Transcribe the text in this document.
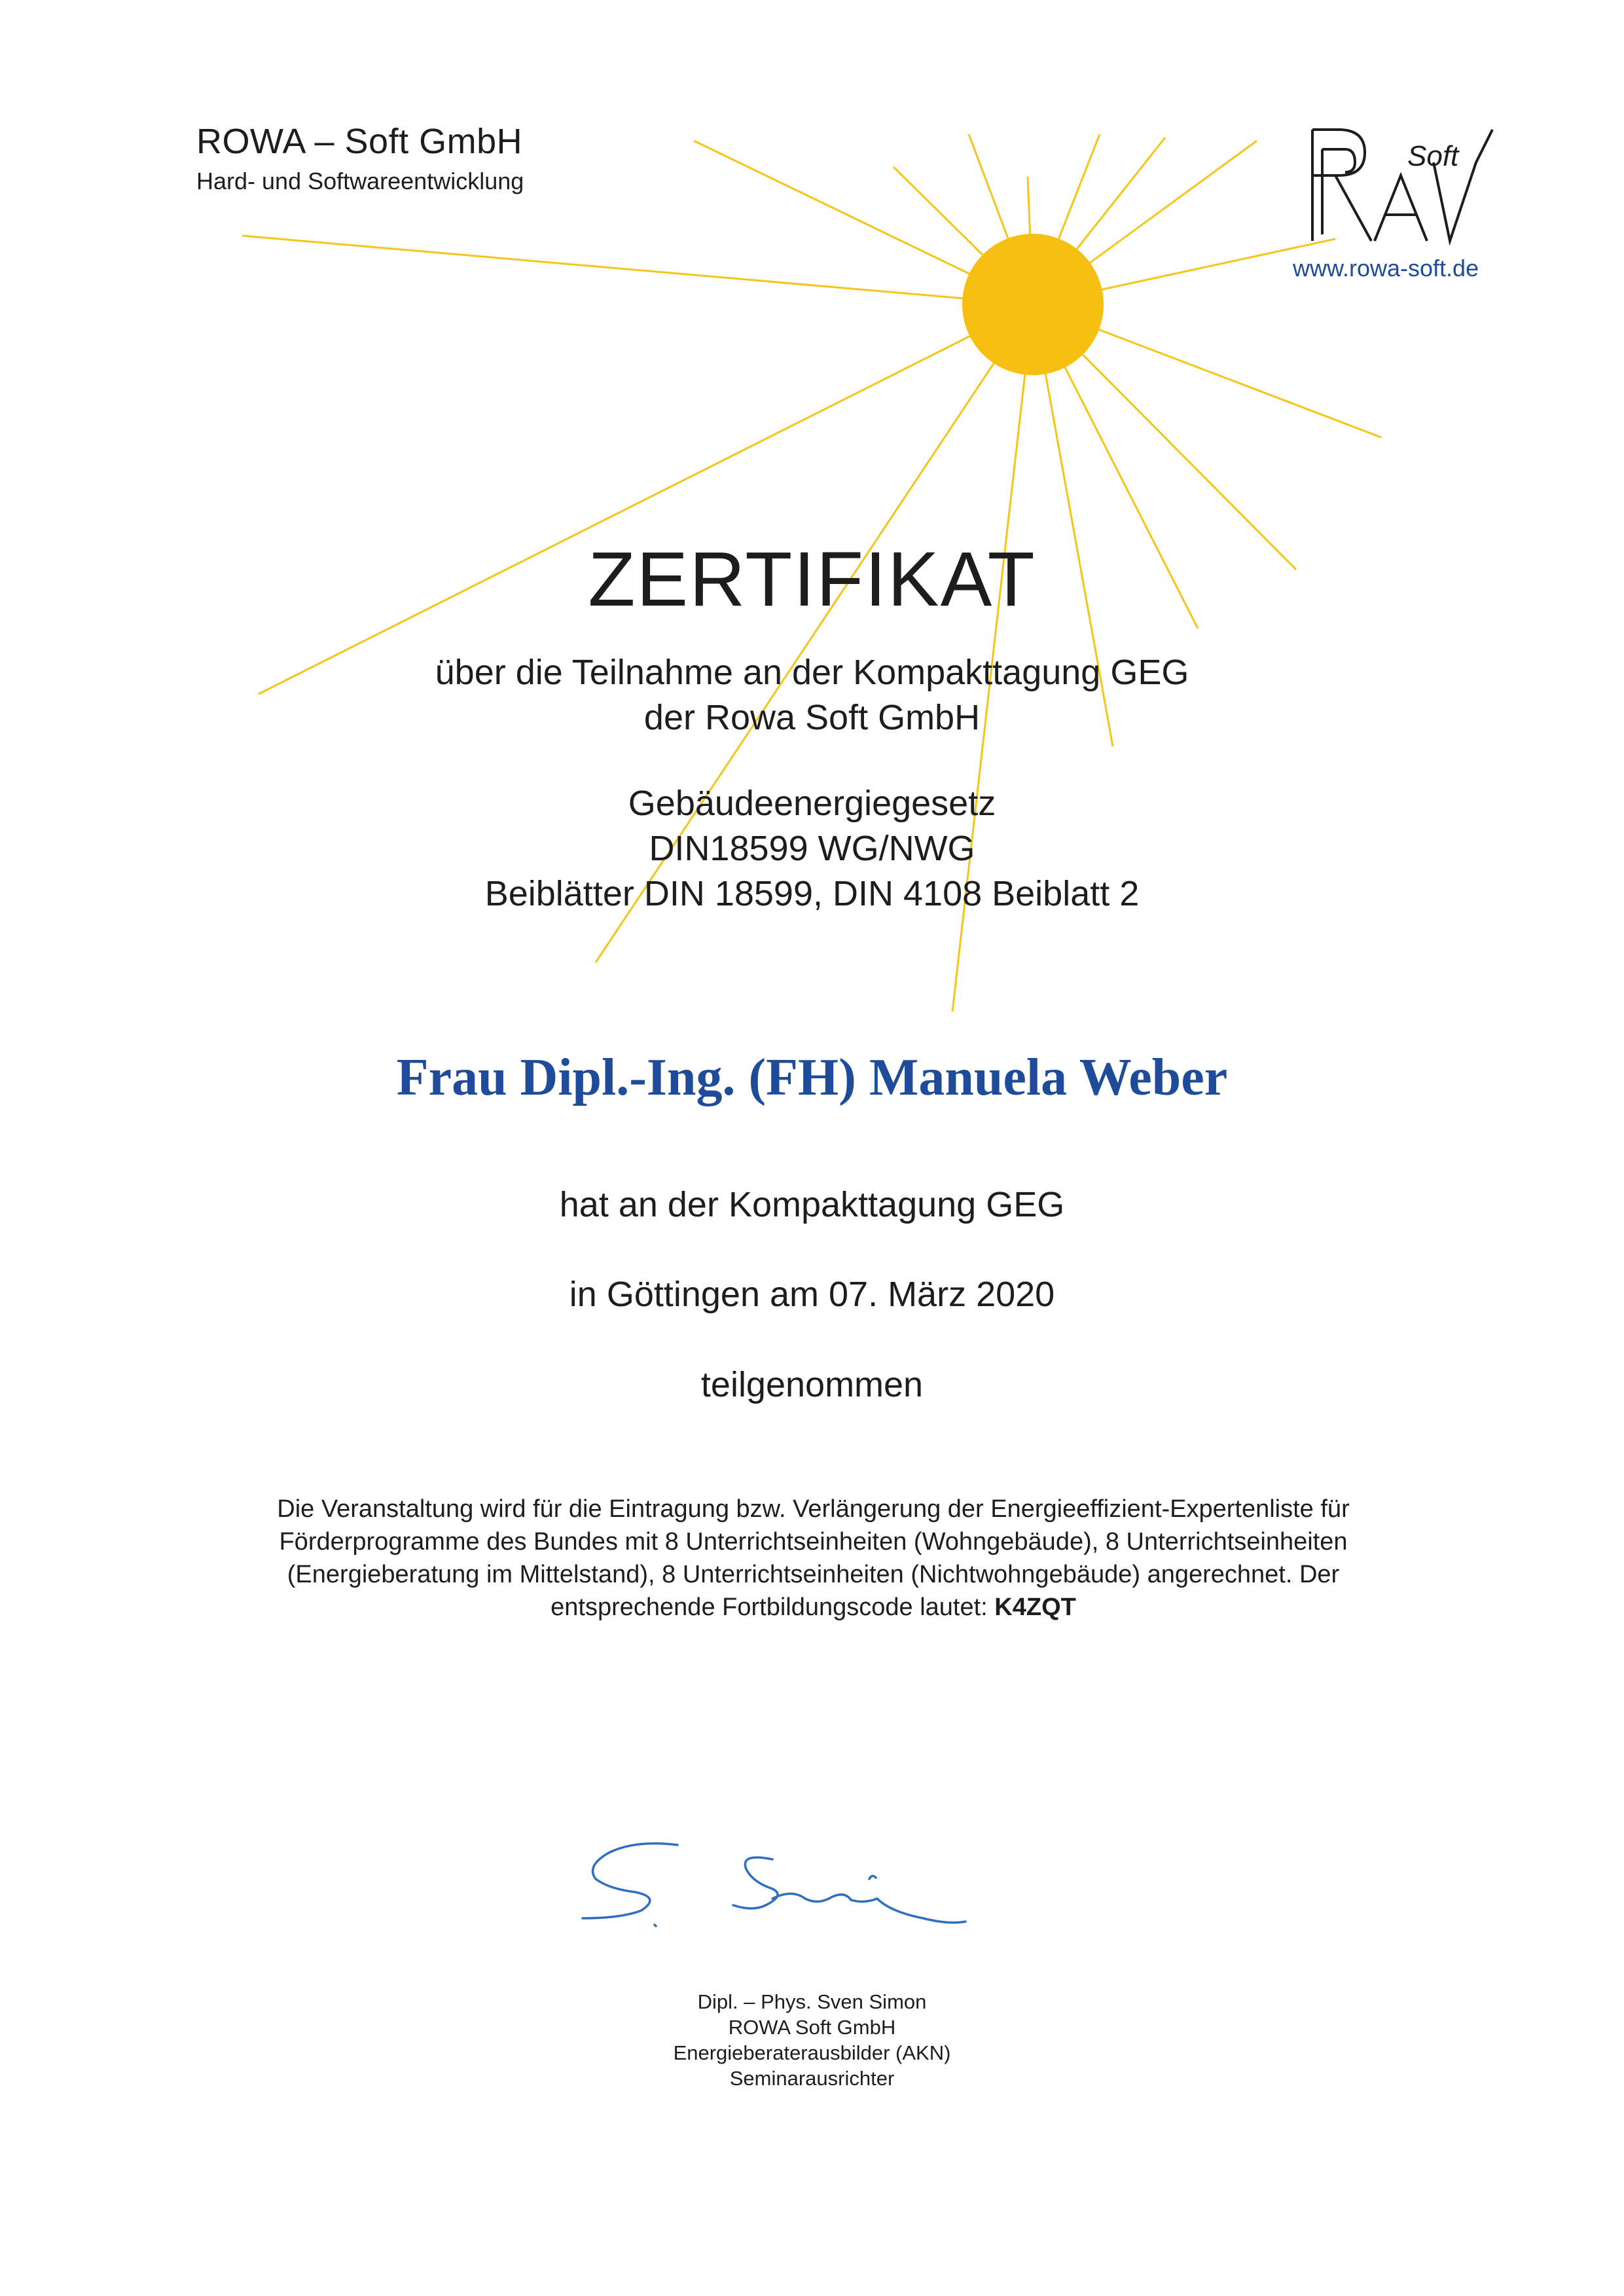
ROWA – Soft GmbH
Hard- und Softwareentwicklung
Soft
RAW
www.rowa-soft.de
ZERTIFIKAT
über die Teilnahme an der Kompakttagung GEG
der Rowa Soft GmbH
Gebäudeenergiegesetz
DIN18599 WG/NWG
Beiblätter DIN 18599, DIN 4108 Beiblatt 2
Frau Dipl.-Ing. (FH) Manuela Weber
hat an der Kompakttagung GEG
in Göttingen am 07. März 2020
teilgenommen
Die Veranstaltung wird für die Eintragung bzw. Verlängerung der Energieeffizient-Expertenliste für Förderprogramme des Bundes mit 8 Unterrichtseinheiten (Wohngebäude), 8 Unterrichtseinheiten (Energieberatung im Mittelstand), 8 Unterrichtseinheiten (Nichtwohngebäude) angerechnet. Der entsprechende Fortbildungscode lautet: K4ZQT
Dipl. – Phys. Sven Simon
ROWA Soft GmbH
Energieberaterausbilder (AKN)
Seminarausrichter
